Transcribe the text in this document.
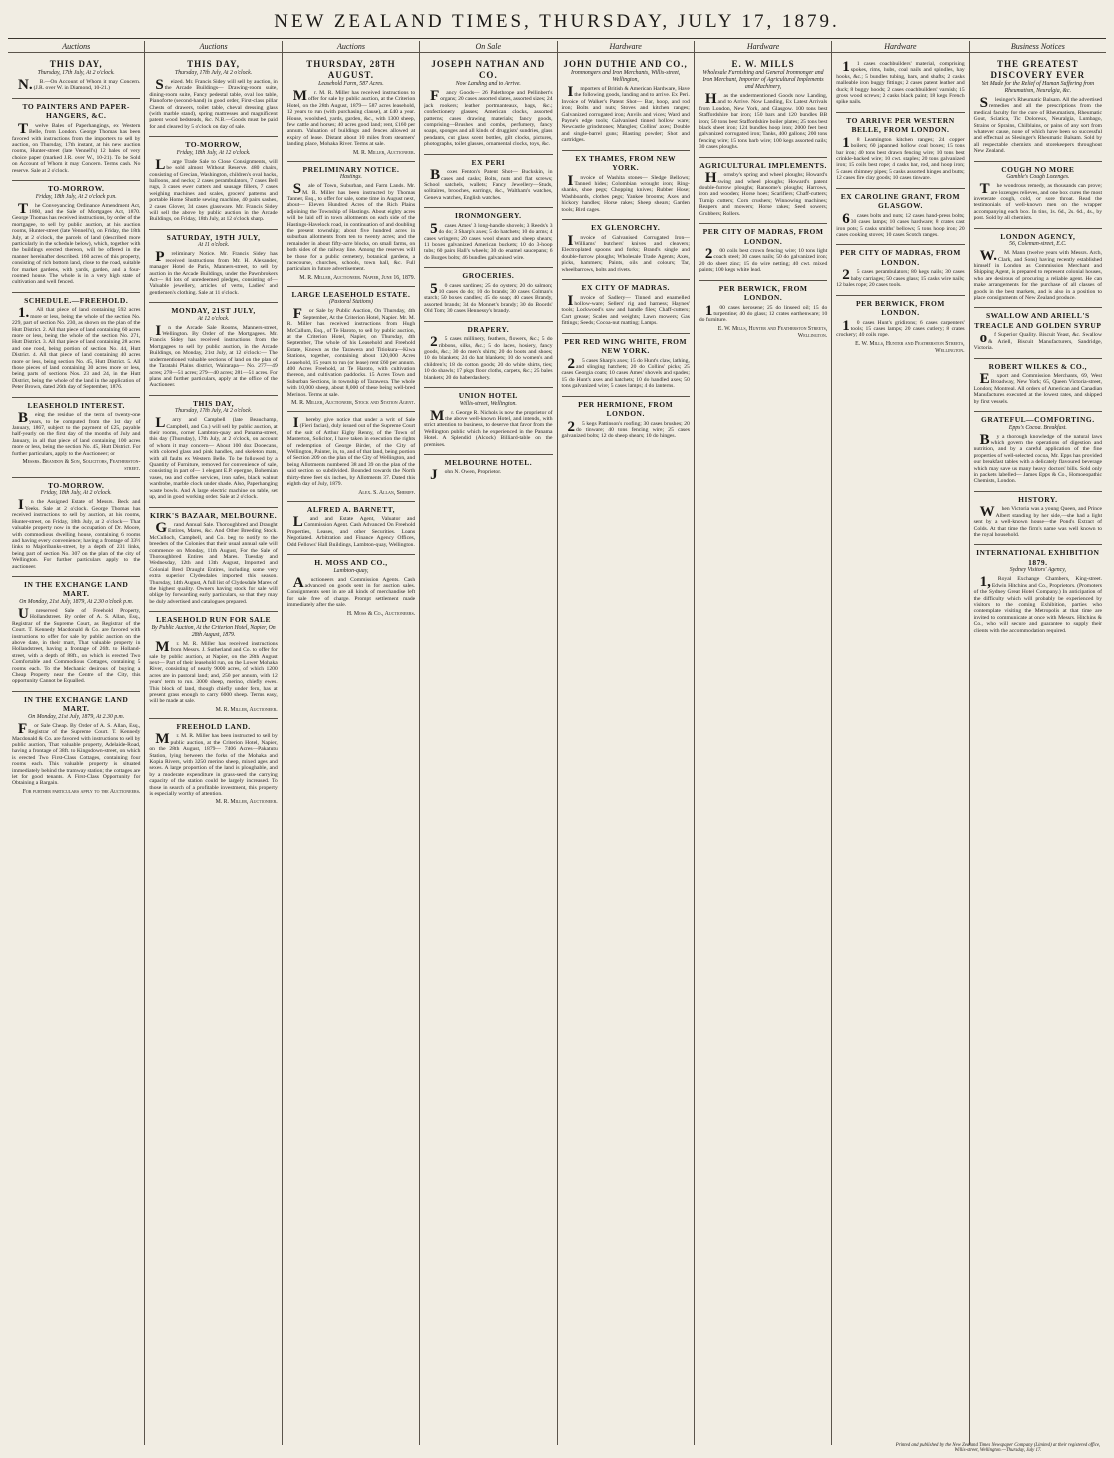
NEW ZEALAND TIMES, THURSDAY, JULY 17, 1879.
Auctions
THIS DAY,
Thursday, 17th July, At 2 o'clock.
N.B.—On Account of Whom it may Concern. (J.R. over W. in Diamond, 10-21.)
TO PAINTERS AND PAPER-HANGERS, &C.
Twelve Bales of Paperhangings, ex Western Belle, from London. George Thomas has been favored with instructions from the importers to sell by auction, on Thursday, 17th instant, at his new auction rooms, Hunter-street (late Vennell's) 12 bales of very choice paper (marked J.R. over W., 10-21). To be Sold on Account of Whom it may Concern. Terms cash. No reserve. Sale at 2 o'clock.
TO-MORROW.
Friday, 18th July, At 2 o'clock p.m.
The Conveyancing Ordinance Amendment Act, 1860, and the Sale of Mortgages Act, 1870. George Thomas has received instructions, by order of the mortgagee, to sell by public auction, at his auction rooms, Hunter-street (late Vennell's), on Friday, the 18th July, at 2 o'clock, the parcels of land (described more particularly in the schedule below), which, together with the buildings erected thereon, will be offered in the manner hereinafter described. 160 acres of this property, consisting of rich bottom land, close to the road, suitable for market gardens, with yards, garden, and a four-roomed house. The whole is in a very high state of cultivation and well fenced.
SCHEDULE.—FREEHOLD.
1.All that piece of land containing 592 acres more or less, being the whole of the section No. 229, part of section No. 230, as shown on the plan of the Hutt District. 2. All that piece of land containing 60 acres more or less, being the whole of the section No. 271, Hutt District. 3. All that piece of land containing 28 acres and one rood, being portion of section No. 44, Hutt District. 4. All that piece of land containing 40 acres more or less, being section No. 45, Hutt District. 5. All those pieces of land containing 30 acres more or less, being parts of sections Nos. 23 and 24, in the Hutt District, being the whole of the land in the application of Peter Brown, dated 26th day of September, 1876.
LEASEHOLD INTEREST.
Being the residue of the term of twenty-one years, to be computed from the 1st day of January, 1867, subject to the payment of £25, payable half-yearly on the first day of the months of July and January, in all that piece of land containing 100 acres more or less, being the section No. 45, Hutt District. For further particulars, apply to the Auctioneer; or
Messrs. Brandon & Son, Solicitors, Featherston-street.
TO-MORROW.
Friday, 18th July, At 2 o'clock.
In the Assigned Estate of Messrs. Beck and Yeeks. Sale at 2 o'clock. George Thomas has received instructions to sell by auction, at his rooms, Hunter-street, on Friday, 18th July, at 2 o'clock— That valuable property now in the occupation of Dr. Moore, with commodious dwelling house, containing 6 rooms and having every convenience; having a frontage of 33½ links to Majoribanks-street, by a depth of 231 links, being part of section No. 307 on the plan of the city of Wellington. For further particulars apply to the auctioneer.
IN THE EXCHANGE LAND MART.
On Monday, 21st July, 1879, At 2.30 o'clock p.m.
Unreserved Sale of Freehold Property, Hollandstreet. By order of A. S. Allan, Esq., Registrar of the Supreme Court, as Registrar of the Court. T. Kennedy Macdonald & Co. are favored with instructions to offer for sale by public auction on the above date, in their mart, That valuable property in Hollandstreet, having a frontage of 26ft. to Holland-street, with a depth of 88ft., on which is erected Two Comfortable and Commodious Cottages, containing 5 rooms each. To the Mechanic desirous of buying a Cheap Property near the Centre of the City, this opportunity Cannot be Equalled.
IN THE EXCHANGE LAND MART.
On Monday, 21st July, 1879, At 2.30 p.m.
For Sale Cheap. By Order of A. S. Allan, Esq., Registrar of the Supreme Court. T. Kennedy Macdonald & Co. are favored with instructions to sell by public auction, That valuable property, Adelaide-Road, having a frontage of 38ft. to Kingsdown-street, on which is erected Two First-Class Cottages, containing four rooms each. This valuable property is situated immediately behind the tramway station; the cottages are let for good tenants. A First-Class Opportunity for Obtaining a Bargain.
For further particulars apply to the Auctioneers.
Auctions
THIS DAY,
Thursday, 17th July, At 2 o'clock.
Seized. Mr. Francis Sidey will sell by auction, in the Arcade Buildings— Drawing-room suite, dining-room suite, Fancy pedestal table, oval loo table, Pianoforte (second-hand) in good order, First-class pillar Chests of drawers, toilet table, cheval dressing glass (with marble stand), spring mattresses and magnificent patent wood bedsteads, &c. N.B.—Goods must be paid for and cleared by 5 o'clock on day of sale.
TO-MORROW,
Friday, 18th July, At 12 o'clock.
Large Trade Sale to Close Consignments, will be sold almost Without Reserve. 480 chairs, consisting of Grecian, Washington, children's oval backs, balloons, and necks; 2 cases perambulators, 7 cases Bell rugs, 3 cases ewer cutters and sausage fillers, 7 cases weighing machines and scales, grocers' patterns and portable Home Shuttle sewing machine, 40 pairs sashes, 2 cases Glover, 34 cases glassware. Mr. Francis Sidey will sell the above by public auction in the Arcade Buildings, on Friday, 18th July, at 12 o'clock sharp.
SATURDAY, 19TH JULY,
At 11 o'clock.
Preliminary Notice. Mr. Francis Sidey has received instructions from Mr. H. Alexander, manager Hotel de Paris, Manners-street, to sell by auction in the Arcade Buildings, under the Pawnbrokers Act— 84 lots of unredeemed pledges, consisting of— Valuable jewellery, articles of vertu, Ladies' and gentlemen's clothing. Sale at 11 o'clock.
MONDAY, 21ST JULY,
At 12 o'clock.
In the Arcade Sale Rooms, Manners-street, Wellington. By Order of the Mortgagees. Mr. Francis Sidey has received instructions from the Mortgagees to sell by public auction, in the Arcade Buildings, on Monday, 21st July, at 12 o'clock:— The undermentioned valuable sections of land on the plan of the Taratahi Plains district, Wairarapa— No. 277—49 acres; 278—51 acres; 279—40 acres; 281—51 acres. For plans and further particulars, apply at the office of the Auctioneer.
THIS DAY,
Thursday, 17th July, At 2 o'clock.
Larry and Campbell (late Beauchamp, Campbell, and Co.) will sell by public auction, at their rooms, corner Lambton-quay and Panama-street, this day (Thursday), 17th July, at 2 o'clock, on account of whom it may concern— About 100 doz Dooecans, with colored glass and pink handles, and skeleton mats, with all faults ex Western Belle. To be followed by a Quantity of Furniture, removed for convenience of sale, consisting in part of— 1 elegant E.P. epergne, Bohemian vases, tea and coffee services, iron safes, black walnut wardrobe, marble clock under shade. Also, Paperhanging waste bowls. And A large electric machine on table, set up, and in good working order. Sale at 2 o'clock.
KIRK'S BAZAAR, MELBOURNE.
Grand Annual Sale. Thoroughbred and Draught Entires, Mares, &c. And Other Breeding Stock. McCulloch, Campbell, and Co. beg to notify to the breeders of the Colonies that their usual annual sale will commence on Monday, 11th August, For the Sale of Thoroughbred Entires and Mares. Tuesday and Wednesday, 12th and 13th August, Imported and Colonial Bred Draught Entires, including some very extra superior Clydesdales imported this season. Thursday, 14th August, A full list of Clydesdale Mares of the highest quality. Owners having stock for sale will oblige by forwarding early particulars, so that they may be duly advertised and catalogues prepared.
LEASEHOLD RUN FOR SALE
By Public Auction, At the Criterion Hotel, Napier, On 28th August, 1879.
Mr. M. R. Miller has received instructions from Messrs. J. Sutherland and Co. to offer for sale by public auction, at Napier, on the 28th August next— Part of their leasehold run, on the Lower Mohaka River, consisting of nearly 9000 acres, of which 1200 acres are in pastoral land; and, 250 per annum, with 12 years' term to run. 3000 sheep, merino, chiefly ewes. This block of land, though chiefly under fern, has at present grass enough to carry 6000 sheep. Terms easy, will be made at sale.
M. R. Miller, Auctioneer.
FREEHOLD LAND.
Mr. M. R. Miller has been instructed to sell by public auction, at the Criterion Hotel, Napier, on the 28th August, 1879— 7406 Acres—Pakatutu Station, lying between the forks of the Mohaka and Kopia Rivers, with 3250 merino sheep, mixed ages and sexes. A large proportion of the land is ploughable, and by a moderate expenditure in grass-seed the carrying capacity of the station could be largely increased. To those in search of a profitable investment, this property is especially worthy of attention.
M. R. Miller, Auctioneer.
Auctions
THURSDAY, 28TH AUGUST.
Leasehold Farm, 587 Acres.
Mr. M. R. Miller has received instructions to offer for sale by public auction, at the Criterion Hotel, on the 28th August, 1879— 587 acres leasehold, 12 years to run (with purchasing clause), at £40 a year. House, woolshed, yards, garden, &c., with 1300 sheep, few cattle and horses; 40 acres good land; rent, £160 per annum. Valuation of buildings and fences allowed at expiry of lease. Distant about 10 miles from steamers' landing place, Mohaka River. Terms at sale.
M. R. Miller, Auctioneer.
PRELIMINARY NOTICE.
Hastings.
Sale of Town, Suburban, and Farm Lands. Mr. M. R. Miller has been instructed by Thomas Tanner, Esq., to offer for sale, some time in August next, about— Eleven Hundred Acres of the Rich Plains adjoining the Township of Hastings. About eighty acres will be laid off in town allotments on each side of the Hastings-Havelock road, in continuation of and doubling the present township; about five hundred acres in suburban allotments from ten to twenty acres; and the remainder in about fifty-acre blocks, on small farms, on both sides of the railway line. Among the reserves will be those for a public cemetery, botanical gardens, a racecourse, churches, schools, town hall, &c. Full particulars in future advertisement.
M. R. Miller, Auctioneer. Napier, June 16, 1879.
LARGE LEASEHOLD ESTATE.
(Pastoral Stations)
For Sale by Public Auction, On Thursday, 4th September, At the Criterion Hotel, Napier. Mr. M. R. Miller has received instructions from Hugh McCallum, Esq., of Te Haroto, to sell by public auction, at the Criterion Hotel, Napier, on Thursday, 4th September, The whole of his Leasehold and Freehold Estate, Known as the Tarawera and Titiokura—Kiwa Stations, together, containing about 120,000 Acres Leasehold, 15 years to run (or lease) rent £60 per annum. 400 Acres Freehold, at Te Haroto, with cultivation thereon, and cultivation paddocks. 15 Acres Town and Suburban Sections, in township of Tarawera. The whole with 10,000 sheep, about 8,000 of these being well-bred Merinos. Terms at sale.
M. R. Miller, Auctioneer, Stock and Station Agent.
Ihereby give notice that under a writ of Sale (Fieri facias), duly issued out of the Supreme Court of the suit of Arthur Eighy Renny, of the Town of Masterton, Solicitor, I have taken in execution the rights of redemption of George Birder, of the City of Wellington, Painter, in, to, and of that land, being portion of Section 209 on the plan of the City of Wellington, and being Allotments numbered 38 and 39 on the plan of the said section so subdivided. Bounded towards the North thirty-three feet six inches, by Allotments 37. Dated this eighth day of July, 1879.
Alex. S. Allan, Sheriff.
ALFRED A. BARNETT,
Land and Estate Agent, Valuator and Commission Agent. Cash Advanced On Freehold Properties, Leases, and other Securities. Loans Negotiated. Arbitration and Finance Agency Offices, Odd Fellows' Hall Buildings, Lambton-quay, Wellington.
H. MOSS AND CO.,
Lambton-quay,
Auctioneers and Commission Agents. Cash advanced on goods sent in for auction sales. Consignments sent in are all kinds of merchandise left for sale free of charge. Prompt settlement made immediately after the sale.
H. Moss & Co., Auctioneers.
On Sale
JOSEPH NATHAN AND CO.
Now Landing and to Arrive.
Fancy Goods— 26 Palethrope and Pellinbert's organs; 20 cases assorted slates, assorted sizes; 24 jack rookers; leather portmanteaux, bags, &c.; confectionery glasses; American clocks, assorted patterns; cases drawing materials; fancy goods, comprising—Brushes and combs, perfumery, fancy soaps, sponges and all kinds of druggists' sundries, glass pendants, cut glass scent bottles, gilt clocks, pictures, photographs, toilet glasses, ornamental clocks, toys, &c.
EX PERI
Boxes Fenton's Patent Shot— Buckskin, in cases and casks; Bolts, nuts and flat screws; School satchels, wallets; Fancy Jewellery—Studs, solitaires, brooches, earrings, &c., Waltham's watches, Geneva watches, English watches.
IRONMONGERY.
5cases Ames' 3 long-handle shovels; 3 Reeds's 3 do do; 3 Sharp's axes; 5 do hatchets; 10 do arms; 4 cases wringers; 20 cases wool shears and sheep shears; 11 boxes galvanized American buckets; 10 do 3-hoop tubs; 60 pairs Hall's wheels; 30 do enamel saucepans; 6 do Burges bolts; 46 bundles galvanised wire.
GROCERIES.
50 cases sardines; 25 do oysters; 20 do salmon; 10 cases do do; 10 do brands; 30 cases Colman's starch; 50 boxes candles; 45 do soap; 40 cases Brandy, assorted brands; 34 do Monnet's brandy; 30 do Boords' Old Tom; 30 cases Hennessy's brandy.
DRAPERY.
25 cases millinery, feathers, flowers, &c.; 5 do ribbons, silks, &c.; 5 do laces, hosiery, fancy goods, &c.; 30 do men's shirts; 20 do boots and shoes; 10 do blankets; 24 do hat blankets; 10 do women's and children's; 18 do cotton goods; 20 do white shirts, ties; 10 do shawls; 17 pkgs floor cloths, carpets, &c.; 25 bales blankets; 20 do haberdashery.
UNION HOTEL
Willis-street, Wellington.
Mr. George R. Nichols is now the proprietor of the above well-known Hotel, and intends, with strict attention to business, to deserve that favor from the Wellington public which he experienced in the Panama Hotel. A Splendid (Alcock) Billiard-table on the premises.
MELBOURNE HOTEL.
John N. Owen, Proprietor.
Hardware
JOHN DUTHIE AND CO.,
Ironmongers and Iron Merchants, Willis-street, Wellington,
Importers of British & American Hardware, Have the following goods, landing and to arrive. Ex Peri. Invoice of Walker's Patent Shot— Bar, hoop, and rod iron; Bolts and nuts; Stoves and kitchen ranges; Galvanized corrugated iron; Anvils and vices; Ward and Payne's edge tools; Galvanised tinned hollow ware; Newcastle grindstones; Mangles; Collins' axes; Double and single-barrel guns; Blasting powder; Shot and cartridges.
EX THAMES, FROM NEW YORK.
Invoice of Washita stones— Sledge Bellows; Tanned hides; Colombian wrought iron; Ring-shanks, shoe pegs; Chopping knives; Rubber Hose; Washboards, clothes pegs; Yankee brooms; Axes and hickory handles; Horse rakes; Sheep shears; Garden tools; Bird cages.
EX GLENORCHY.
Invoice of Galvanised Corrugated Iron— Williams' butchers' knives and cleavers; Electroplated spoons and forks; Brand's single and double-furrow ploughs; Wholesale Trade Agents; Axes, picks, hammers; Paints, oils and colours; Tar, wheelbarrows, bolts and rivets.
EX CITY OF MADRAS.
Invoice of Sadlery— Tinned and enamelled hollow-ware; Sellers' rig and harness; Haynes' tools; Lockwood's saw and handle files; Chaff-cutters; Cart grease; Scales and weights; Lawn mowers; Gas fittings; Seeds; Cocoa-nut matting; Lamps.
PER RED WING WHITE, FROM NEW YORK.
25 cases Sharp's axes; 15 do Hunt's claw, lathing, and slinging hatchets; 20 do Collins' picks; 25 cases Georgia coats; 10 cases Ames' shovels and spades; 15 do Hunt's axes and hatchets; 10 do handled axes; 50 tons galvanized wire; 5 cases lamps; 4 do lanterns.
PER HERMIONE, FROM LONDON.
25 kegs Pattinson's roofing; 30 cases brushes; 20 do tinware; 40 tons fencing wire; 25 cases galvanized bolts; 12 do sheep shears; 10 do hinges.
Hardware
E. W. MILLS
Wholesale Furnishing and General Ironmonger and Iron Merchant, Importer of Agricultural Implements and Machinery,
Has the undermentioned Goods now Landing, and to Arrive. Now Landing, Ex Latest Arrivals from London, New York, and Glasgow. 100 tons best Staffordshire bar iron; 150 bars and 120 bundles BB iron; 50 tons best Staffordshire boiler plates; 25 tons best black sheet iron; 124 bundles hoop iron; 2000 feet best galvanized corrugated iron; Tanks, 400 gallons; 200 tons fencing wire; 15 tons barb wire; 100 kegs assorted nails; 30 cases ploughs.
AGRICULTURAL IMPLEMENTS.
Hornsby's spring and wheel ploughs; Howard's swing and wheel ploughs; Howard's patent double-furrow ploughs; Ransome's ploughs; Harrows, iron and wooden; Horse hoes; Scarifiers; Chaff-cutters; Turnip cutters; Corn crushers; Winnowing machines; Reapers and mowers; Horse rakes; Seed sowers; Grubbers; Rollers.
PER CITY OF MADRAS, FROM LONDON.
200 coils best crown fencing wire; 10 tons light coach steel; 30 cases nails; 50 do galvanized iron; 20 do sheet zinc; 15 do wire netting; 40 cwt. mixed paints; 100 kegs white lead.
PER BERWICK, FROM LONDON.
100 cases kerosene; 25 do linseed oil; 15 do turpentine; 40 do glass; 12 crates earthenware; 10 do furniture.
E. W. Mills, Hunter and Featherston Streets, Wellington.
Hardware
11 cases coachbuilders' material, comprising spokes, rims, hubs, coal nails and spindles, hay hooks, &c.; 5 bundles tubing, bars, and shafts; 2 casks malleable iron buggy fittings; 2 cases patent leather and duck; 8 buggy hoods; 2 cases coachbuilders' varnish; 15 gross wood screws; 2 casks black paint; 18 kegs French spike nails.
TO ARRIVE PER WESTERN BELLE, FROM LONDON.
18 Leamington kitchen ranges; 24 copper boilers; 60 japanned hollow coal boxes; 15 tons bar iron; 40 tons best drawn fencing wire; 10 tons best crinkle-backed wire; 10 cwt. staples; 20 tons galvanized iron; 15 coils best rope; 4 casks bar, rod, and hoop iron; 5 cases chimney pipes; 5 casks assorted hinges and butts; 12 cases fire clay goods; 10 cases tinware.
EX CAROLINE GRANT, FROM GLASGOW.
6cases bolts and nuts; 12 cases hand-press bolts; 30 cases lamps; 10 cases hardware; 8 crates cast iron pots; 5 casks smiths' bellows; 5 tons hoop iron; 20 cases cooking stoves; 10 cases Scotch ranges.
PER CITY OF MADRAS, FROM LONDON.
25 cases perambulators; 80 kegs nails; 30 cases baby carriages; 50 cases glass; 15 casks wire nails; 12 bales rope; 20 cases tools.
PER BERWICK, FROM LONDON.
10 cases Hunt's gridirons; 6 cases carpenters' tools; 15 cases lamps; 20 cases cutlery; 8 crates crockery; 40 coils rope.
E. W. Mills, Hunter and Featherston Streets, Wellington.
Business Notices
THE GREATEST DISCOVERY EVER
Yet Made for the Relief of Human Suffering from Rheumatism, Neuralgia, &c.
Slesinger's Rheumatic Balsam. All the advertised remedies and all the prescriptions from the medical faculty for the cure of Rheumatism, Rheumatic Gout, Sciatica, Tic Doloreux, Neuralgia, Lumbago, Strains or Sprains, Chilblains, or pains of any sort from whatever cause, none of which have been so successful and effectual as Slesinger's Rheumatic Balsam. Sold by all respectable chemists and storekeepers throughout New Zealand.
COUGH NO MORE
Gamble's Cough Lozenges.
The wondrous remedy, as thousands can prove; are lozenges relieves, and one box cures the most inveterate cough, cold, or sore throat. Read the testimonials of well-known men on the wrapper accompanying each box. In tins, 1s. 6d., 2s. 6d., 4s., by post. Sold by all chemists.
LONDON AGENCY,
56, Coleman-street, E.C.
W.M. Mann (twelve years with Messrs. Arch, Clark, and Sons) having recently established himself in London as Commission Merchant and Shipping Agent, is prepared to represent colonial houses, who are desirous of procuring a reliable agent. He can make arrangements for the purchase of all classes of goods in the best markets, and is also in a position to place consignments of New Zealand produce.
SWALLOW AND ARIELL'S TREACLE AND GOLDEN SYRUP
of Superior Quality. Biscuit Yeast, &c. Swallow & Ariell, Biscuit Manufacturers, Sandridge, Victoria.
ROBERT WILKES & CO.,
Export and Commission Merchants, 69, West Broadway, New York; 65, Queen Victoria-street, London; Montreal. All orders of American and Canadian Manufactures executed at the lowest rates, and shipped by first vessels.
GRATEFUL—COMFORTING.
Epps's Cocoa. Breakfast.
By a thorough knowledge of the natural laws which govern the operations of digestion and nutrition, and by a careful application of the fine properties of well-selected cocoa, Mr. Epps has provided our breakfast tables with a delicately flavoured beverage which may save us many heavy doctors' bills. Sold only in packets labelled— James Epps & Co., Homoeopathic Chemists, London.
HISTORY.
When Victoria was a young Queen, and Prince Albert standing by her side,—she had a light sent by a well-known house—the Pond's Extract of Colds. At that time the firm's name was well known to the royal household.
INTERNATIONAL EXHIBITION 1879.
Sydney Visitors' Agency,
1,Royal Exchange Chambers, King-street. Edwin Hitchins and Co., Proprietors. (Promoters of the Sydney Great Hotel Company.) In anticipation of the difficulty which will probably be experienced by visitors to the coming Exhibition, parties who contemplate visiting the Metropolis at that time are invited to communicate at once with Messrs. Hitchins & Co., who will secure and guarantee to supply their clients with the accommodation required.
Printed and published by the New Zealand Times Newspaper Company (Limited) at their registered office, Willis-street, Wellington.—Thursday, July 17.
